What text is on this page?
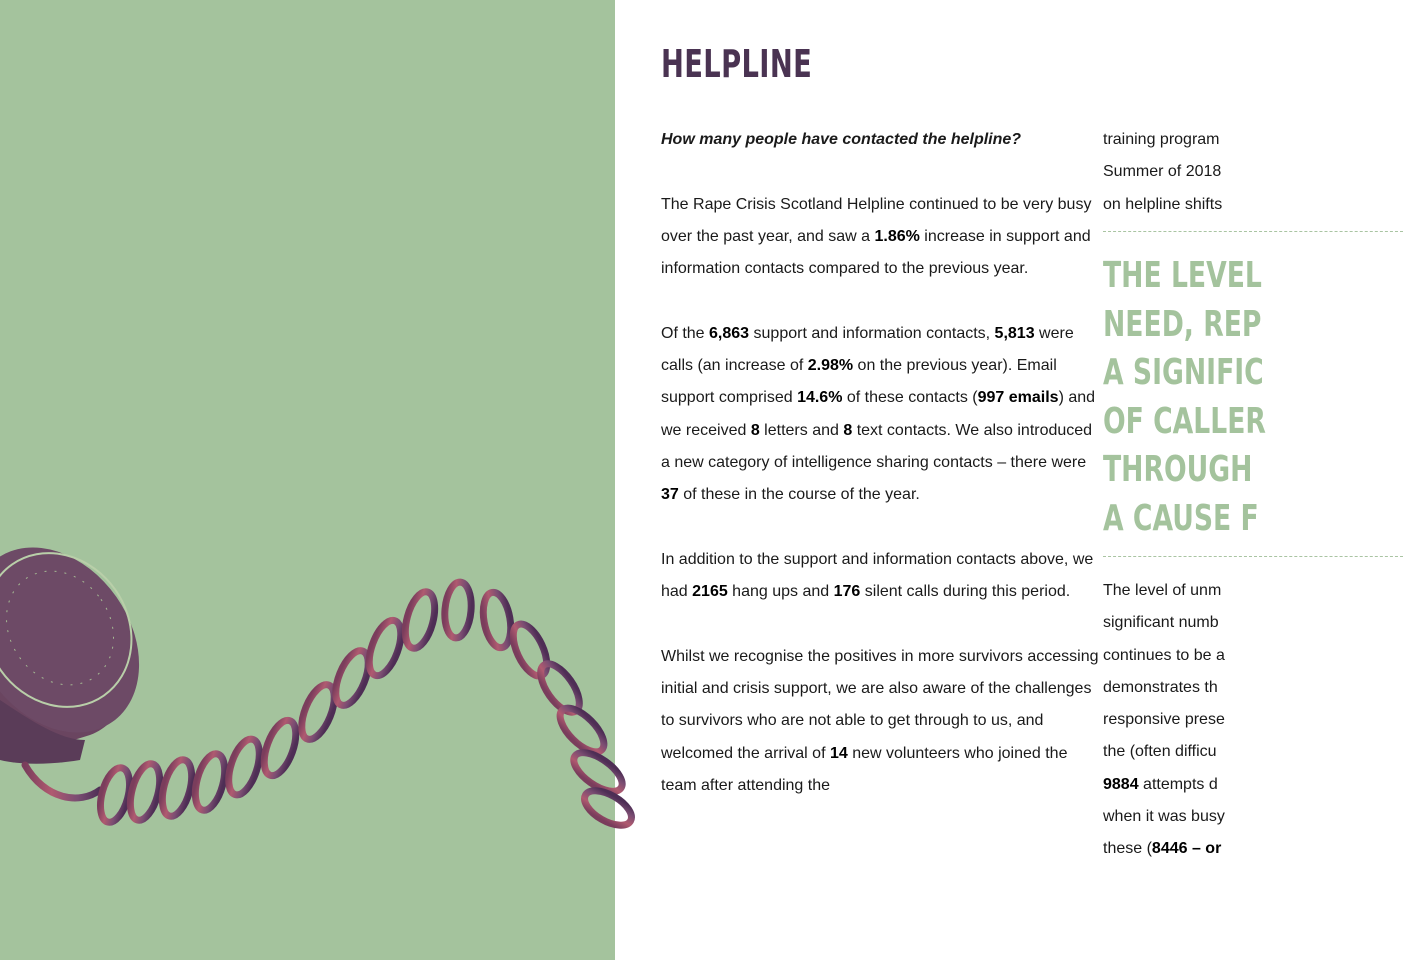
HELPLINE

How many people have contacted the helpline?

The Rape Crisis Scotland Helpline continued to be very busy over the past year, and saw a 1.86% increase in support and information contacts compared to the previous year.

Of the 6,863 support and information contacts, 5,813 were calls (an increase of 2.98% on the previous year). Email support comprised 14.6% of these contacts (997 emails) and we received 8 letters and 8 text contacts. We also introduced a new category of intelligence sharing contacts – there were 37 of these in the course of the year.

In addition to the support and information contacts above, we had 2165 hang ups and 176 silent calls during this period.

Whilst we recognise the positives in more survivors accessing initial and crisis support, we are also aware of the challenges to survivors who are not able to get through to us, and welcomed the arrival of 14 new volunteers who joined the team after attending the

training program
Summer of 2018
on helpline shifts
THE LEVEL
NEED, REP
A SIGNIFIC
OF CALLER
THROUGH
A CAUSE F
The level of unm
significant numb
continues to be a
demonstrates th
responsive prese
the (often difficu
9884 attempts d
when it was busy
these (8446 – or
